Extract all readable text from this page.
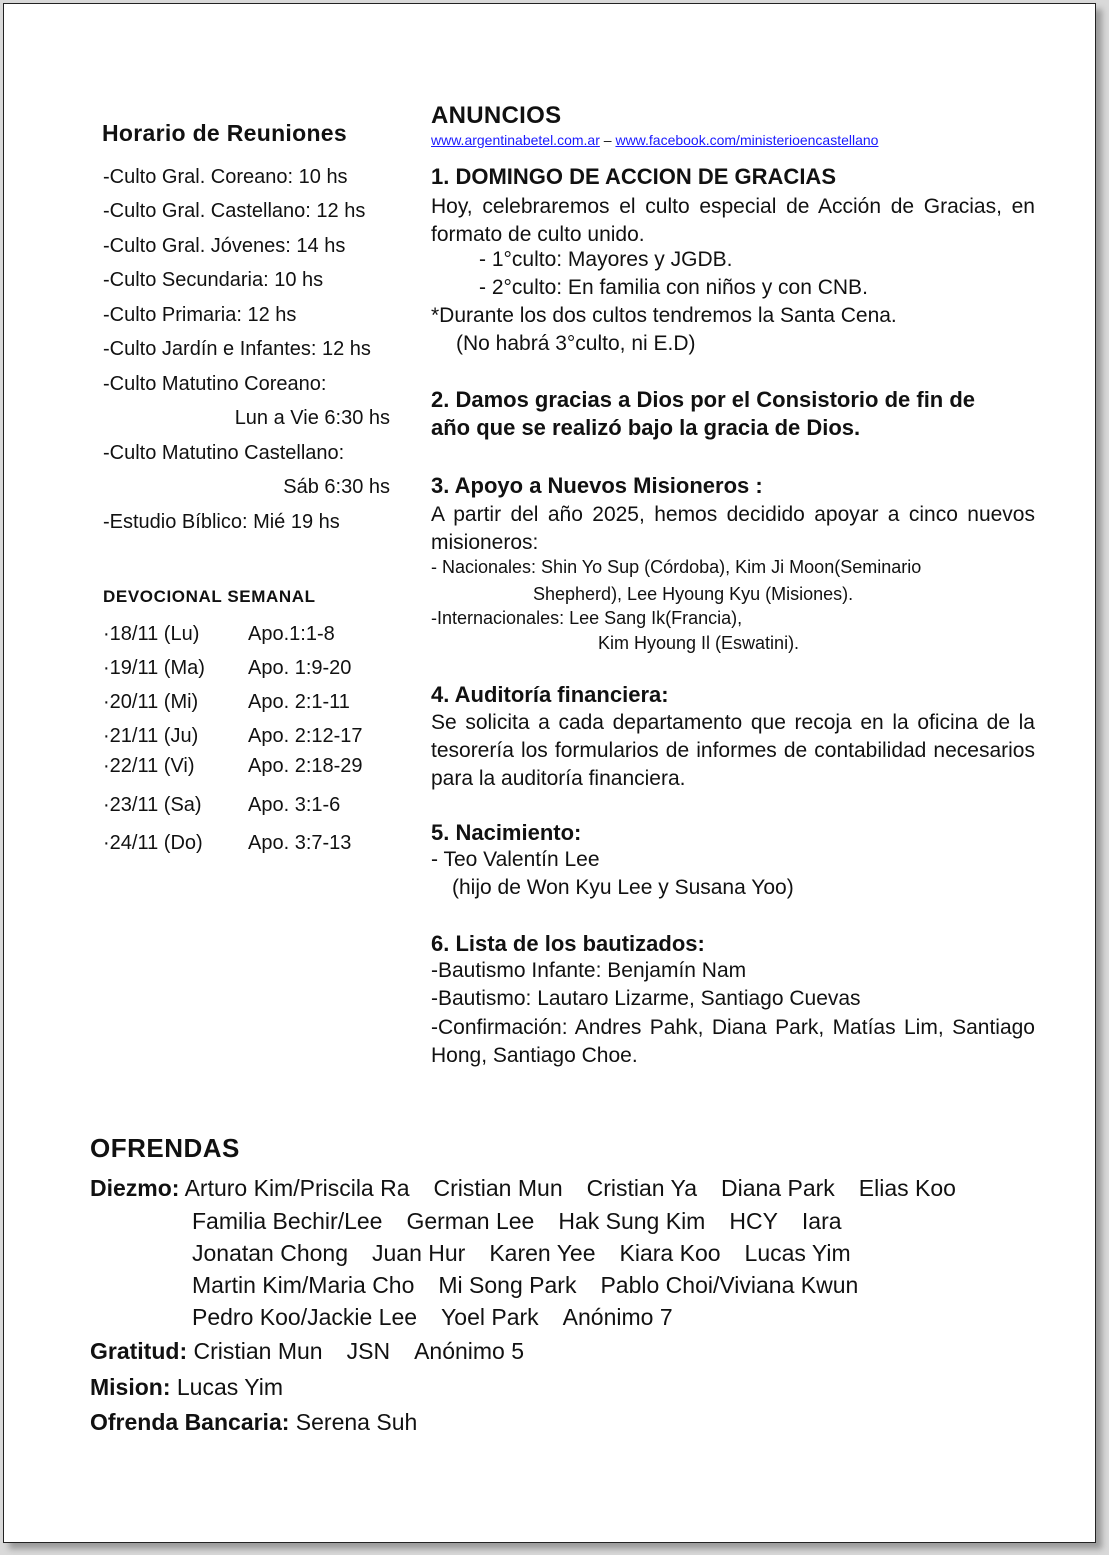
Horario de Reuniones
-Culto Gral. Coreano: 10 hs
-Culto Gral. Castellano: 12 hs
-Culto Gral. Jóvenes: 14 hs
-Culto Secundaria: 10 hs
-Culto Primaria: 12 hs
-Culto Jardín e Infantes: 12 hs
-Culto Matutino Coreano:
Lun a Vie 6:30 hs
-Culto Matutino Castellano:
Sáb 6:30 hs
-Estudio Bíblico: Mié 19 hs
DEVOCIONAL SEMANAL
·18/11 (Lu) Apo.1:1-8
·19/11 (Ma) Apo. 1:9-20
·20/11 (Mi) Apo. 2:1-11
·21/11 (Ju) Apo. 2:12-17
·22/11 (Vi)	Apo. 2:18-29
·23/11 (Sa) Apo. 3:1-6
·24/11 (Do) Apo. 3:7-13
ANUNCIOS
www.argentinabetel.com.ar – www.facebook.com/ministerioencastellano
1. DOMINGO DE ACCION DE GRACIAS
Hoy, celebraremos el culto especial de Acción de Gracias, en formato de culto unido.
- 1°culto: Mayores y JGDB.
- 2°culto: En familia con niños y con CNB.
*Durante los dos cultos tendremos la Santa Cena.
(No habrá 3°culto, ni E.D)
2. Damos gracias a Dios por el Consistorio de fin de
año que se realizó bajo la gracia de Dios.
3. Apoyo a Nuevos Misioneros :
A partir del año 2025, hemos decidido apoyar a cinco nuevos misioneros:
- Nacionales: Shin Yo Sup (Córdoba), Kim Ji Moon(Seminario
Shepherd), Lee Hyoung Kyu (Misiones).
-Internacionales: Lee Sang Ik(Francia),
Kim Hyoung Il (Eswatini).
4. Auditoría financiera:
Se solicita a cada departamento que recoja en la oficina de la tesorería los formularios de informes de contabilidad necesarios para la auditoría financiera.
5. Nacimiento:
- Teo Valentín Lee
(hijo de Won Kyu Lee y Susana Yoo)
6. Lista de los bautizados:
-Bautismo Infante: Benjamín Nam
-Bautismo: Lautaro Lizarme, Santiago Cuevas
-Confirmación: Andres Pahk, Diana Park, Matías Lim, Santiago Hong, Santiago Choe.
OFRENDAS
Diezmo: Arturo Kim/Priscila Ra Cristian Mun Cristian Ya Diana Park Elias Koo
Familia Bechir/Lee German Lee Hak Sung Kim HCY Iara
Jonatan Chong Juan Hur Karen Yee Kiara Koo Lucas Yim
Martin Kim/Maria Cho Mi Song Park Pablo Choi/Viviana Kwun
Pedro Koo/Jackie Lee Yoel Park Anónimo 7
Gratitud: Cristian Mun JSN Anónimo 5
Mision: Lucas Yim
Ofrenda Bancaria: Serena Suh
